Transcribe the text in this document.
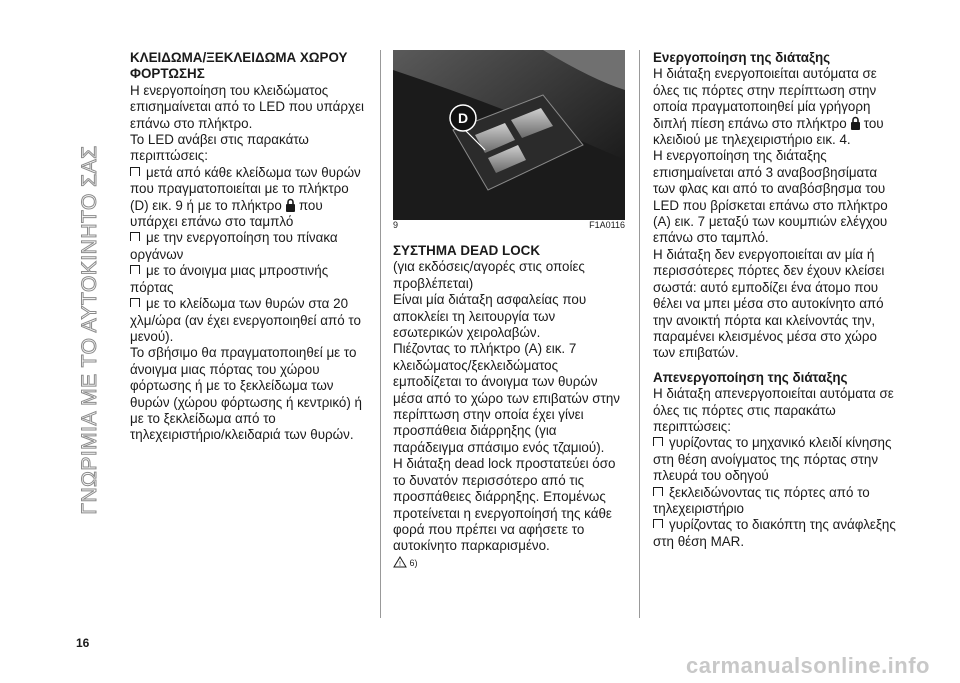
ΓΝΩΡΙΜΙΑ ΜΕ ΤΟ ΑΥΤΟΚΙΝΗΤΟ ΣΑΣ
16

ΚΛΕΙΔΩΜΑ/ΞΕΚΛΕΙΔΩΜΑ ΧΩΡΟΥ ΦΟΡΤΩΣΗΣ

Η ενεργοποίηση του κλειδώματος επισημαίνεται από το LED που υπάρχει επάνω στο πλήκτρο.

Το LED ανάβει στις παρακάτω περιπτώσεις:

μετά από κάθε κλείδωμα των θυρών που πραγματοποιείται με το πλήκτρο (D) εικ. 9 ή με το πλήκτρο που υπάρχει επάνω στο ταμπλό

με την ενεργοποίηση του πίνακα οργάνων

με το άνοιγμα μιας μπροστινής πόρτας

με το κλείδωμα των θυρών στα 20 χλμ/ώρα (αν έχει ενεργοποιηθεί από το μενού).

Το σβήσιμο θα πραγματοποιηθεί με το άνοιγμα μιας πόρτας του χώρου φόρτωσης ή με το ξεκλείδωμα των θυρών (χώρου φόρτωσης ή κεντρικό) ή με το ξεκλείδωμα από το τηλεχειριστήριο/κλειδαριά των θυρών.

D
9	F1A0116

ΣΥΣΤΗΜΑ DEAD LOCK

(για εκδόσεις/αγορές στις οποίες προβλέπεται)

Είναι μία διάταξη ασφαλείας που αποκλείει τη λειτουργία των εσωτερικών χειρολαβών.

Πιέζοντας το πλήκτρο (A) εικ. 7 κλειδώματος/ξεκλειδώματος εμποδίζεται το άνοιγμα των θυρών μέσα από το χώρο των επιβατών στην περίπτωση στην οποία έχει γίνει προσπάθεια διάρρηξης (για παράδειγμα σπάσιμο ενός τζαμιού).

Η διάταξη dead lock προστατεύει όσο το δυνατόν περισσότερο από τις προσπάθειες διάρρηξης. Επομένως προτείνεται η ενεργοποίησή της κάθε φορά που πρέπει να αφήσετε το αυτοκίνητο παρκαρισμένο.

! 6)

Ενεργοποίηση της διάταξης

Η διάταξη ενεργοποιείται αυτόματα σε όλες τις πόρτες στην περίπτωση στην οποία πραγματοποιηθεί μία γρήγορη διπλή πίεση επάνω στο πλήκτρο του κλειδιού με τηλεχειριστήριο εικ. 4.

Η ενεργοποίηση της διάταξης επισημαίνεται από 3 αναβοσβησίματα των φλας και από το αναβόσβησμα του LED που βρίσκεται επάνω στο πλήκτρο (A) εικ. 7 μεταξύ των κουμπιών ελέγχου επάνω στο ταμπλό.

Η διάταξη δεν ενεργοποιείται αν μία ή περισσότερες πόρτες δεν έχουν κλείσει σωστά: αυτό εμποδίζει ένα άτομο που θέλει να μπει μέσα στο αυτοκίνητο από την ανοικτή πόρτα και κλείνοντάς την, παραμένει κλεισμένος μέσα στο χώρο των επιβατών.

Απενεργοποίηση της διάταξης

Η διάταξη απενεργοποιείται αυτόματα σε όλες τις πόρτες στις παρακάτω περιπτώσεις:

γυρίζοντας το μηχανικό κλειδί κίνησης στη θέση ανοίγματος της πόρτας στην πλευρά του οδηγού

ξεκλειδώνοντας τις πόρτες από το τηλεχειριστήριο

γυρίζοντας το διακόπτη της ανάφλεξης στη θέση MAR.

carmanualsonline.info
